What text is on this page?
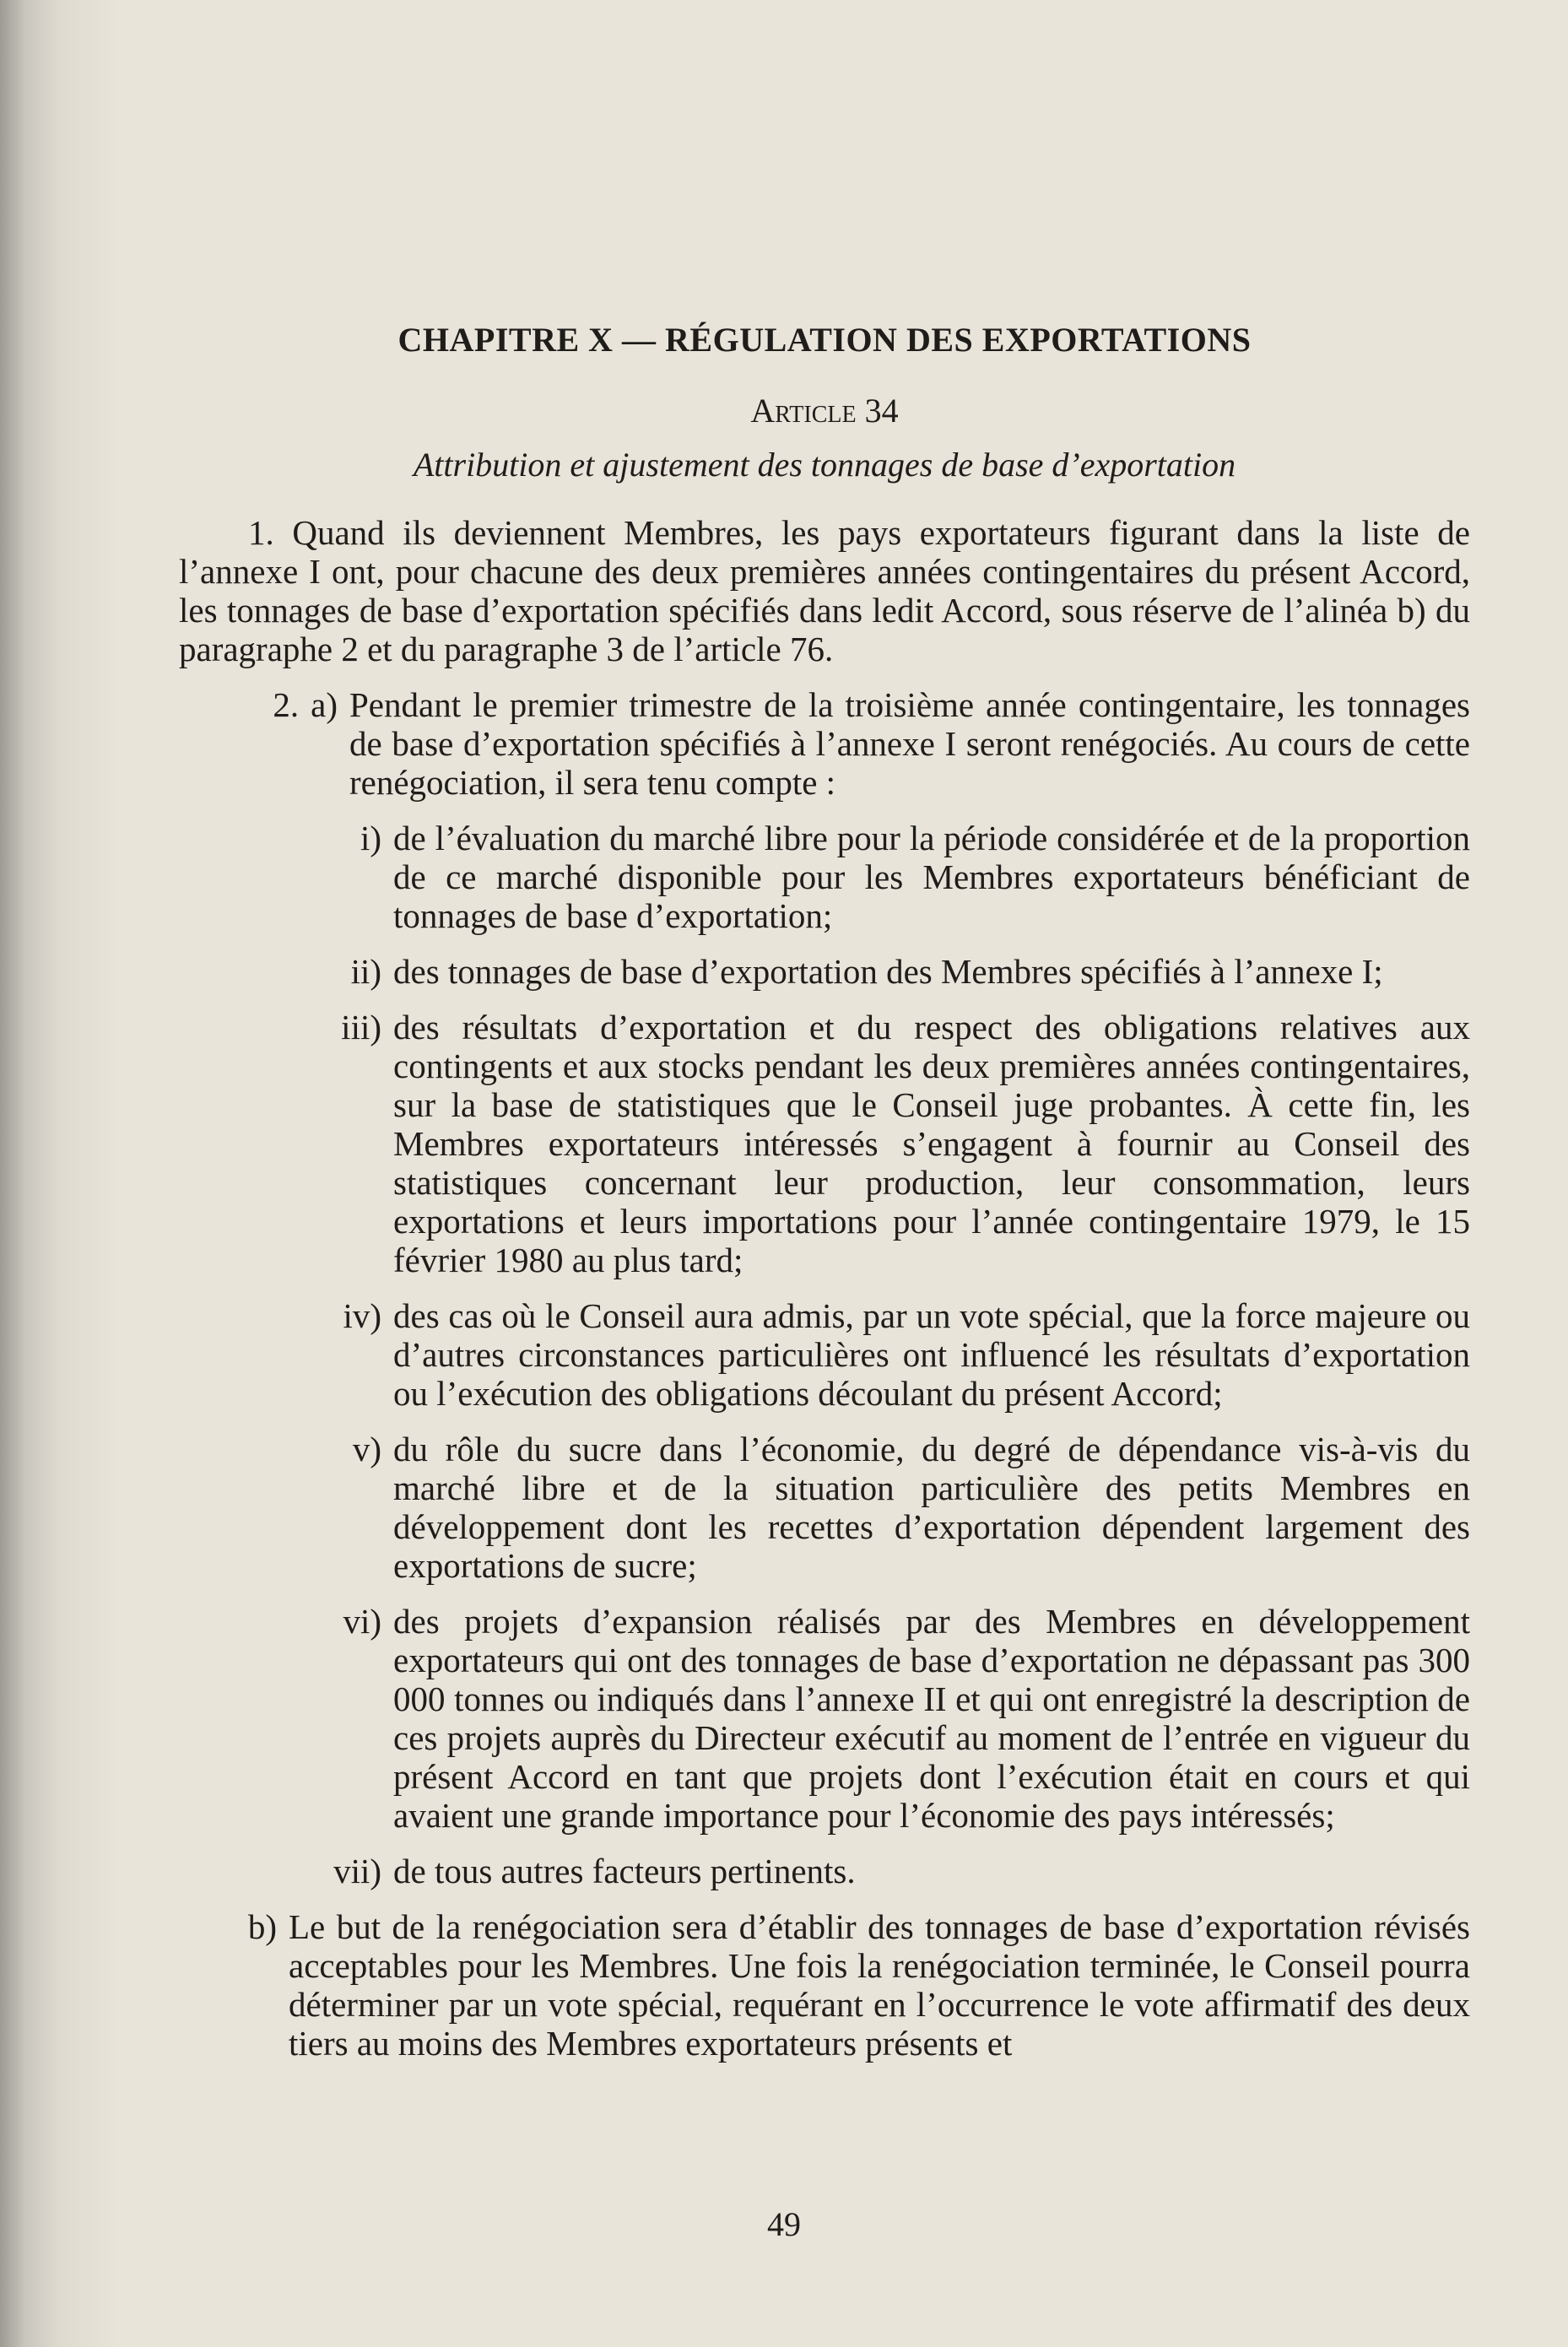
CHAPITRE X — RÉGULATION DES EXPORTATIONS
Article 34
Attribution et ajustement des tonnages de base d’exportation
1. Quand ils deviennent Membres, les pays exportateurs figurant dans la liste de l’annexe I ont, pour chacune des deux premières années contingentaires du présent Accord, les tonnages de base d’exportation spécifiés dans ledit Accord, sous réserve de l’alinéa b) du paragraphe 2 et du paragraphe 3 de l’article 76.
2. a) Pendant le premier trimestre de la troisième année contingentaire, les tonnages de base d’exportation spécifiés à l’annexe I seront renégociés. Au cours de cette renégociation, il sera tenu compte :
i) de l’évaluation du marché libre pour la période considérée et de la proportion de ce marché disponible pour les Membres exportateurs bénéficiant de tonnages de base d’exportation;
ii) des tonnages de base d’exportation des Membres spécifiés à l’annexe I;
iii) des résultats d’exportation et du respect des obligations relatives aux contingents et aux stocks pendant les deux premières années contingentaires, sur la base de statistiques que le Conseil juge probantes. À cette fin, les Membres exportateurs intéressés s’engagent à fournir au Conseil des statistiques concernant leur production, leur consommation, leurs exportations et leurs importations pour l’année contingentaire 1979, le 15 février 1980 au plus tard;
iv) des cas où le Conseil aura admis, par un vote spécial, que la force majeure ou d’autres circonstances particulières ont influencé les résultats d’exportation ou l’exécution des obligations découlant du présent Accord;
v) du rôle du sucre dans l’économie, du degré de dépendance vis-à-vis du marché libre et de la situation particulière des petits Membres en développement dont les recettes d’exportation dépendent largement des exportations de sucre;
vi) des projets d’expansion réalisés par des Membres en développement exportateurs qui ont des tonnages de base d’exportation ne dépassant pas 300 000 tonnes ou indiqués dans l’annexe II et qui ont enregistré la description de ces projets auprès du Directeur exécutif au moment de l’entrée en vigueur du présent Accord en tant que projets dont l’exécution était en cours et qui avaient une grande importance pour l’économie des pays intéressés;
vii) de tous autres facteurs pertinents.
b) Le but de la renégociation sera d’établir des tonnages de base d’exportation révisés acceptables pour les Membres. Une fois la renégociation terminée, le Conseil pourra déterminer par un vote spécial, requérant en l’occurrence le vote affirmatif des deux tiers au moins des Membres exportateurs présents et
49
